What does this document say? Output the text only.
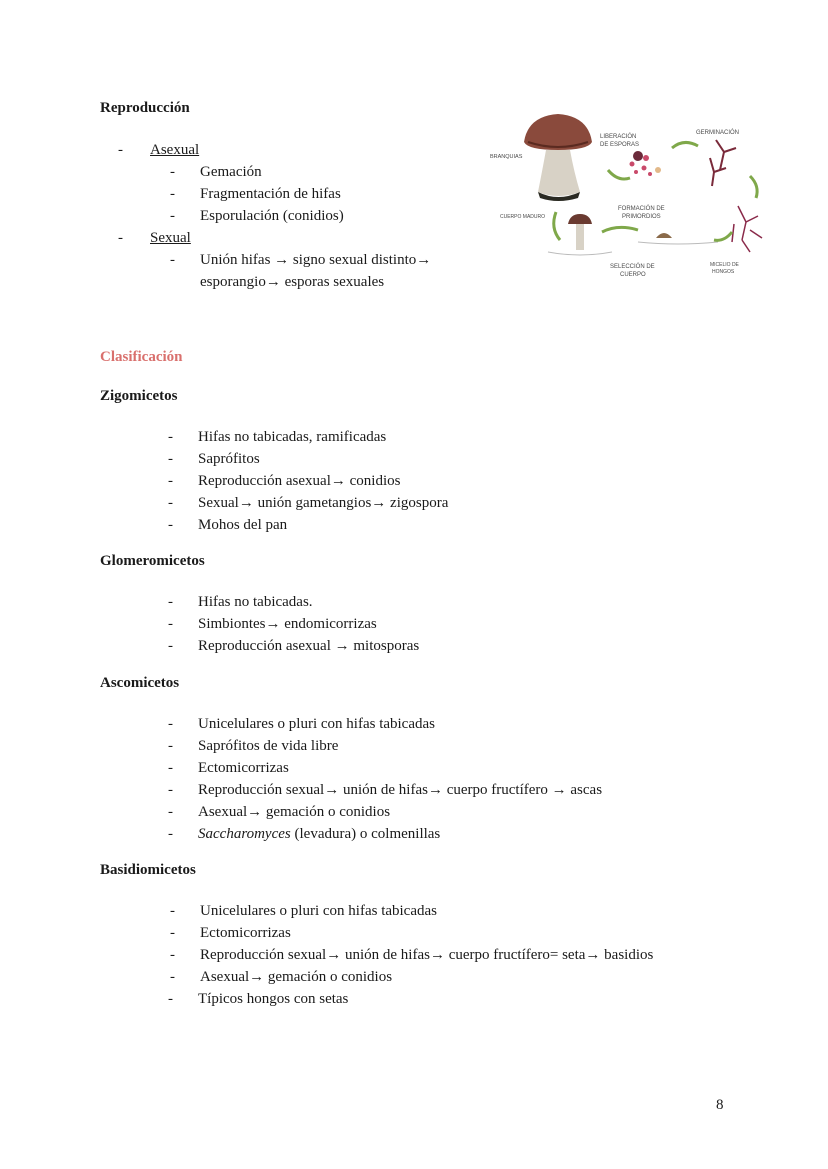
Reproducción
- Asexual
- Gemación
- Fragmentación de hifas
- Esporulación (conidios)
- Sexual
- Unión hifas → signo sexual distinto→
esporangio→ esporas sexuales
BRANQUIAS
LIBERACIÓN
DE ESPORAS
GERMINACIÓN
CUERPO MADURO
FORMACIÓN DE
PRIMORDIOS
SELECCIÓN DE
CUERPO
MICELIO DE
HONGOS
Clasificación
Zigomicetos
- Hifas no tabicadas, ramificadas
- Saprófitos
- Reproducción asexual→ conidios
- Sexual→ unión gametangios→ zigospora
- Mohos del pan
Glomeromicetos
- Hifas no tabicadas.
- Simbiontes→ endomicorrizas
- Reproducción asexual → mitosporas
Ascomicetos
- Unicelulares o pluri con hifas tabicadas
- Saprófitos de vida libre
- Ectomicorrizas
- Reproducción sexual→ unión de hifas→ cuerpo fructífero → ascas
- Asexual→ gemación o conidios
- Saccharomyces (levadura) o colmenillas
Basidiomicetos
- Unicelulares o pluri con hifas tabicadas
- Ectomicorrizas
- Reproducción sexual→ unión de hifas→ cuerpo fructífero= seta→ basidios
- Asexual→ gemación o conidios
- Típicos hongos con setas
8
